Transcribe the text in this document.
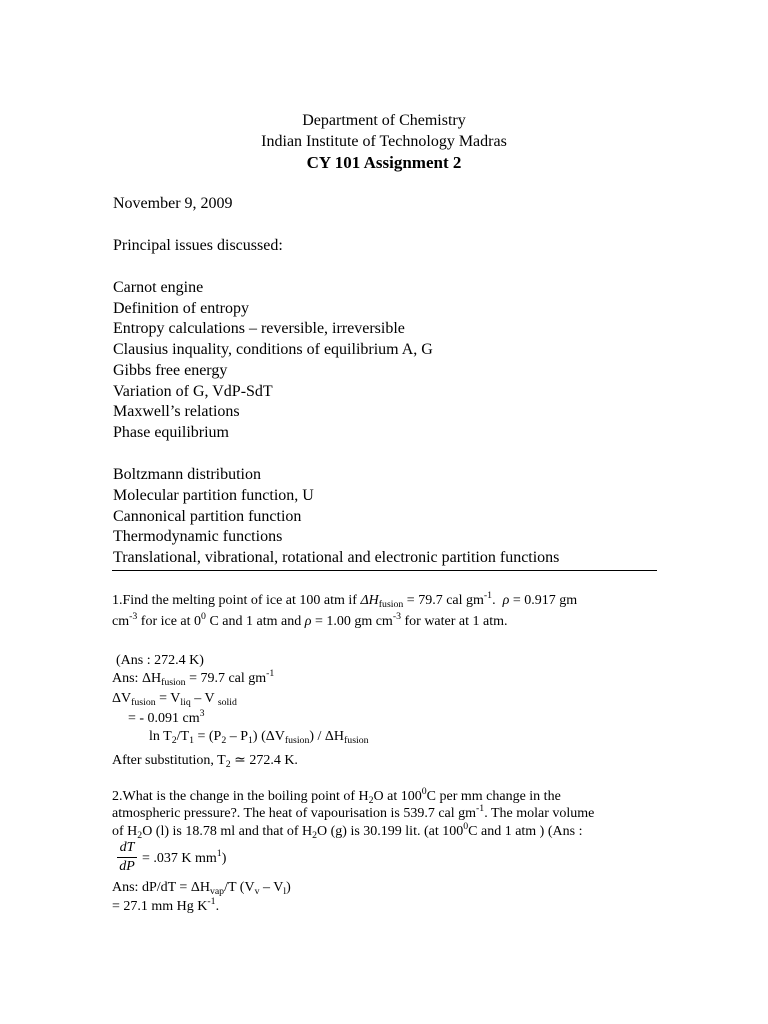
Department of Chemistry
Indian Institute of Technology Madras
CY 101 Assignment 2
November 9, 2009
Principal issues discussed:
Carnot engine
Definition of entropy
Entropy calculations – reversible, irreversible
Clausius inquality, conditions of equilibrium A, G
Gibbs free energy
Variation of G, VdP-SdT
Maxwell’s relations
Phase equilibrium
Boltzmann distribution
Molecular partition function, U
Cannonical partition function
Thermodynamic functions
Translational, vibrational, rotational and electronic partition functions
1.Find the melting point of ice at 100 atm if $\Delta H_{fusion} = 79.7$ cal $gm^{-1}$. ρ = 0.917 gm
$cm^{-3}$ for ice at $0^0$ C and 1 atm and ρ = 1.00 gm $cm^{-3}$ for water at 1 atm.
(Ans : 272.4 K)
Ans: $\Delta H_{fusion} = 79.7$ cal $gm^{-1}$
$\Delta V_{fusion} = V_{liq} - V$ $_{solid}$
= - 0.091 $cm^3$
$\ln T_2/T_1 = (P_2 - P_1)$ $(\Delta V_{fusion}) / \Delta H_{fusion}$
After substitution, $T_2$ ≃ 272.4 K.
2.What is the change in the boiling point of $H_2O$ at $100^0C$ per mm change in the
atmospheric pressure?. The heat of vapourisation is 539.7 cal $gm^{-1}$. The molar volume
of $H_2O$ (l) is 18.78 ml and that of $H_2O$ (g) is 30.199 lit. (at $100^0C$ and 1 atm ) (Ans :
dT
dP
= .037 K $mm^1$)
Ans: $dP/dT = \Delta H_{vap}/T$ $(V_v - V_l)$
= 27.1 mm Hg $K^{-1}$.
